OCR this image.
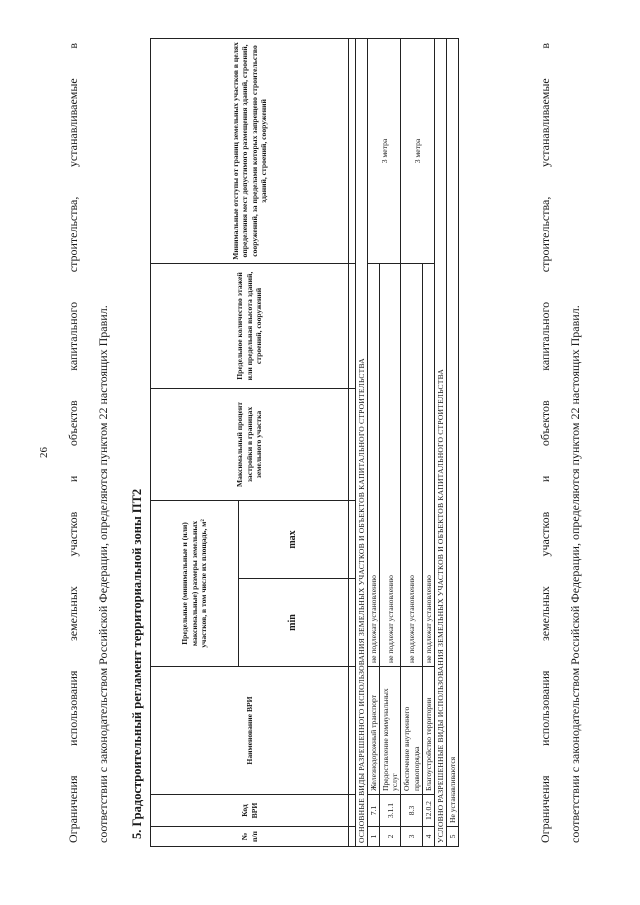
26	Ограничения использования земельных участков и объектов капитального строительства, устанавливаемые в	соответствии с законодательством Российской Федерации, определяются пунктом 22 настоящих Правил.	5. Градостроительный регламент территориальной зоны ПТ2	№ п/п	Код ВРИ	Наименование ВРИ	Предельные (минимальные и (или) максимальные) размеры земельных участков, в том числе их площадь, м²		Максимальный процент застройки в границах земельного участка	Предельное количество этажей или предельная высота зданий, строений, сооружений	Минимальные отступы от границ земельных участков в целях определения мест допустимого размещения зданий, строений, сооружений, за пределами которых запрещено строительство зданий, строений, сооружений
			min	max			

ОСНОВНЫЕ ВИДЫ РАЗРЕШЕННОГО ИСПОЛЬЗОВАНИЯ ЗЕМЕЛЬНЫХ УЧАСТКОВ И ОБЪЕКТОВ КАПИТАЛЬНОГО СТРОИТЕЛЬСТВА							
1	7.1	Железнодорожный транспорт	не подлежат установлению				3 метра
2	3.1.1	Предоставление коммунальных услуг	не подлежат установлению				
3	8.3	Обеспечение внутреннего правопорядка	не подлежат установлению				3 метра
4	12.0.2	Благоустройство территории	не подлежат установлению				
УСЛОВНО РАЗРЕШЕННЫЕ ВИДЫ ИСПОЛЬЗОВАНИЯ ЗЕМЕЛЬНЫХ УЧАСТКОВ И ОБЪЕКТОВ КАПИТАЛЬНОГО СТРОИТЕЛЬСТВА							
5	Не устанавливаются							Ограничения использования земельных участков и объектов капитального строительства, устанавливаемые в	соответствии с законодательством Российской Федерации, определяются пунктом 22 настоящих Правил.
